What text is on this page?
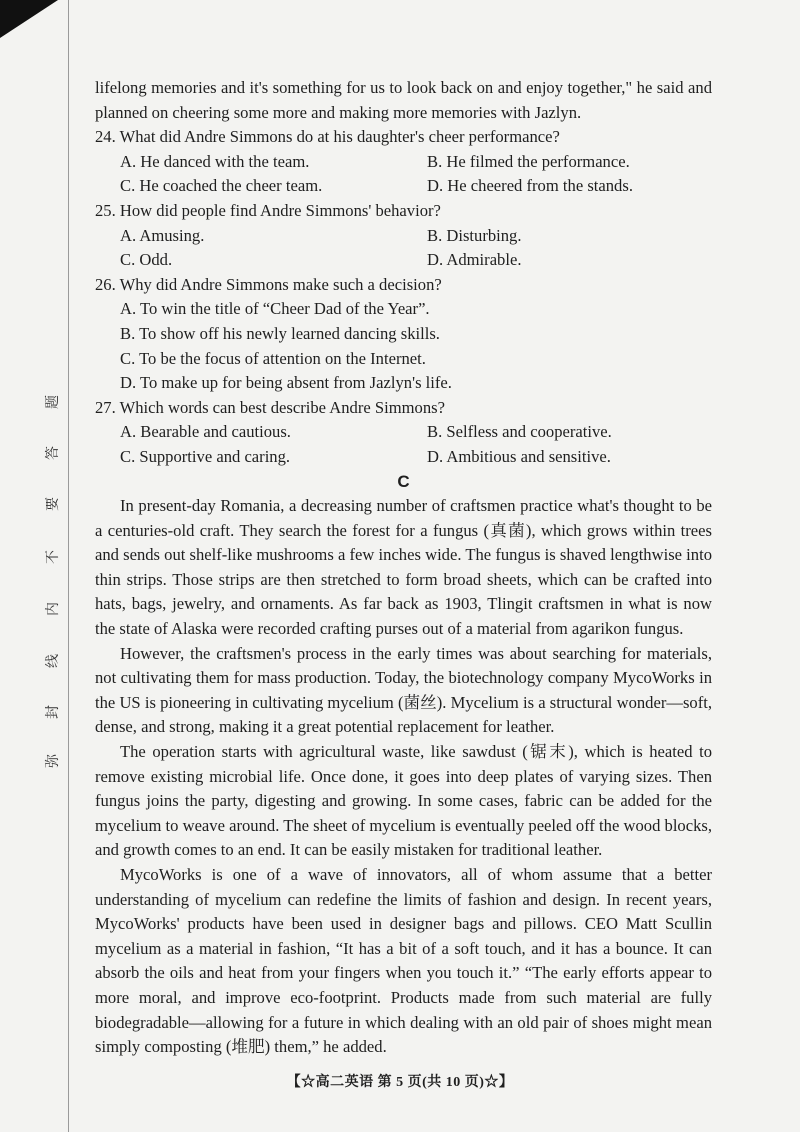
弥
封
线
内
不
要
答
题
lifelong memories and it's something for us to look back on and enjoy together," he said and
planned on cheering some more and making more memories with Jazlyn.
24. What did Andre Simmons do at his daughter's cheer performance?
A. He danced with the team.	B. He filmed the performance.
C. He coached the cheer team.	D. He cheered from the stands.
25. How did people find Andre Simmons' behavior?
A. Amusing.	B. Disturbing.
C. Odd.	D. Admirable.
26. Why did Andre Simmons make such a decision?
A. To win the title of “Cheer Dad of the Year”.
B. To show off his newly learned dancing skills.
C. To be the focus of attention on the Internet.
D. To make up for being absent from Jazlyn's life.
27. Which words can best describe Andre Simmons?
A. Bearable and cautious.	B. Selfless and cooperative.
C. Supportive and caring.	D. Ambitious and sensitive.
C
In present-day Romania, a decreasing number of craftsmen practice what's thought to be
a centuries-old craft. They search the forest for a fungus (真菌), which grows within trees
and sends out shelf-like mushrooms a few inches wide. The fungus is shaved lengthwise into
thin strips. Those strips are then stretched to form broad sheets, which can be crafted into
hats, bags, jewelry, and ornaments. As far back as 1903, Tlingit craftsmen in what is now
the state of Alaska were recorded crafting purses out of a material from agarikon fungus.
However, the craftsmen's process in the early times was about searching for materials,
not cultivating them for mass production. Today, the biotechnology company MycoWorks in
the US is pioneering in cultivating mycelium (菌丝). Mycelium is a structural wonder—soft,
dense, and strong, making it a great potential replacement for leather.
The operation starts with agricultural waste, like sawdust (锯末), which is heated to
remove existing microbial life. Once done, it goes into deep plates of varying sizes. Then
fungus joins the party, digesting and growing. In some cases, fabric can be added for the
mycelium to weave around. The sheet of mycelium is eventually peeled off the wood blocks,
and growth comes to an end. It can be easily mistaken for traditional leather.
MycoWorks is one of a wave of innovators, all of whom assume that a better
understanding of mycelium can redefine the limits of fashion and design. In recent years,
MycoWorks' products have been used in designer bags and pillows. CEO Matt Scullin
mycelium as a material in fashion, “It has a bit of a soft touch, and it has a bounce. It can
absorb the oils and heat from your fingers when you touch it.” “The early efforts appear to
more moral, and improve eco-footprint. Products made from such material are fully
biodegradable—allowing for a future in which dealing with an old pair of shoes might mean
simply composting (堆肥) them,” he added.
【☆高二英语 第 5 页(共 10 页)☆】
